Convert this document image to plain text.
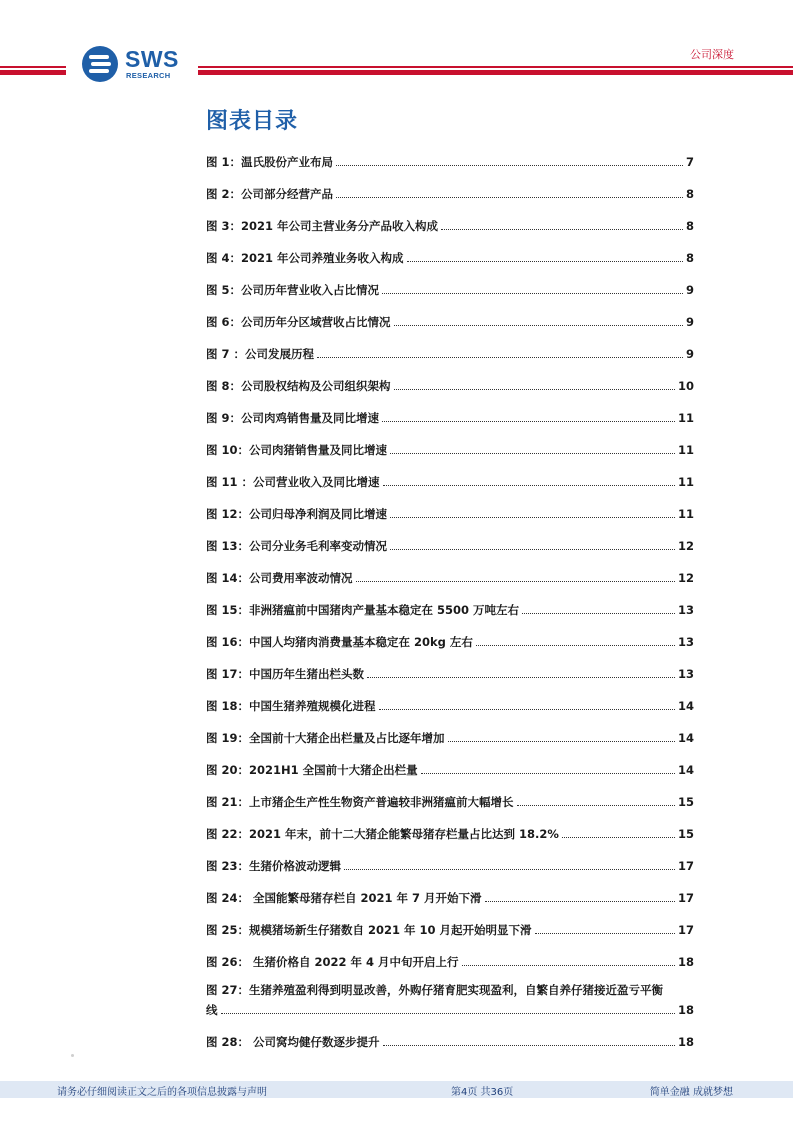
SWS
RESEARCH
公司深度
图表目录
图 1：温氏股份产业布局	7
图 2：公司部分经营产品	8
图 3：2021 年公司主营业务分产品收入构成	8
图 4：2021 年公司养殖业务收入构成	8
图 5：公司历年营业收入占比情况	9
图 6：公司历年分区域营收占比情况	9
图 7 ：公司发展历程	9
图 8：公司股权结构及公司组织架构	10
图 9：公司肉鸡销售量及同比增速	11
图 10：公司肉猪销售量及同比增速	11
图 11 ：公司营业收入及同比增速	11
图 12：公司归母净利润及同比增速	11
图 13：公司分业务毛利率变动情况	12
图 14：公司费用率波动情况	12
图 15：非洲猪瘟前中国猪肉产量基本稳定在 5500 万吨左右	13
图 16：中国人均猪肉消费量基本稳定在 20kg 左右	13
图 17：中国历年生猪出栏头数	13
图 18：中国生猪养殖规模化进程	14
图 19：全国前十大猪企出栏量及占比逐年增加	14
图 20：2021H1 全国前十大猪企出栏量	14
图 21：上市猪企生产性生物资产普遍较非洲猪瘟前大幅增长	15
图 22：2021 年末，前十二大猪企能繁母猪存栏量占比达到 18.2%	15
图 23：生猪价格波动逻辑	17
图 24： 全国能繁母猪存栏自 2021 年 7 月开始下滑	17
图 25：规模猪场新生仔猪数自 2021 年 10 月起开始明显下滑	17
图 26： 生猪价格自 2022 年 4 月中旬开启上行	18
图 27：生猪养殖盈利得到明显改善，外购仔猪育肥实现盈利，自繁自养仔猪接近盈亏平衡
线	18
图 28： 公司窝均健仔数逐步提升	18
请务必仔细阅读正文之后的各项信息披露与声明	第4页 共36页	简单金融 成就梦想
